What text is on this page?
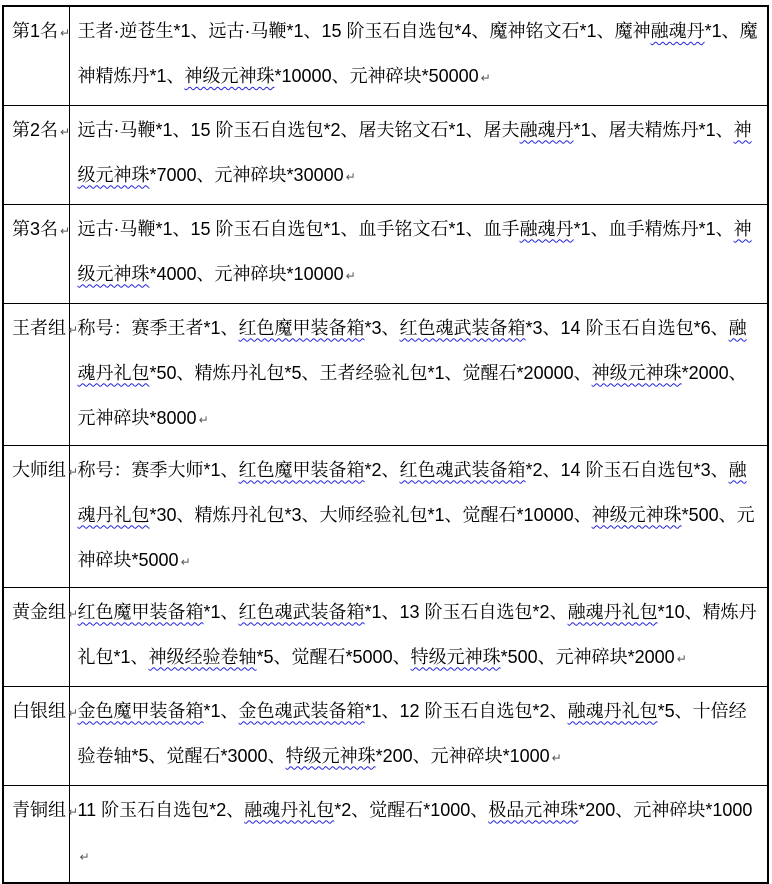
第1名 ↵	王者·逆苍生*1、远古·马鞭*1、15 阶玉石自选包*4、魔神铭文石*1、魔神融魂丹*1、魔神精炼丹*1、神级元神珠*10000、元神碎块*50000 ↵
第2名 ↵	远古·马鞭*1、15 阶玉石自选包*2、屠夫铭文石*1、屠夫融魂丹*1、屠夫精炼丹*1、神级元神珠*7000、元神碎块*30000 ↵
第3名 ↵	远古·马鞭*1、15 阶玉石自选包*1、血手铭文石*1、血手融魂丹*1、血手精炼丹*1、神级元神珠*4000、元神碎块*10000 ↵
王者组 ↵	称号：赛季王者*1、红色魔甲装备箱*3、红色魂武装备箱*3、14 阶玉石自选包*6、融魂丹礼包*50、精炼丹礼包*5、王者经验礼包*1、觉醒石*20000、神级元神珠*2000、元神碎块*8000 ↵
大师组 ↵	称号：赛季大师*1、红色魔甲装备箱*2、红色魂武装备箱*2、14 阶玉石自选包*3、融魂丹礼包*30、精炼丹礼包*3、大师经验礼包*1、觉醒石*10000、神级元神珠*500、元神碎块*5000 ↵
黄金组 ↵	红色魔甲装备箱*1、红色魂武装备箱*1、13 阶玉石自选包*2、融魂丹礼包*10、精炼丹礼包*1、神级经验卷轴*5、觉醒石*5000、特级元神珠*500、元神碎块*2000 ↵
白银组 ↵	金色魔甲装备箱*1、金色魂武装备箱*1、12 阶玉石自选包*2、融魂丹礼包*5、十倍经验卷轴*5、觉醒石*3000、特级元神珠*200、元神碎块*1000 ↵
青铜组 ↵	11 阶玉石自选包*2、融魂丹礼包*2、觉醒石*1000、极品元神珠*200、元神碎块*1000↵
